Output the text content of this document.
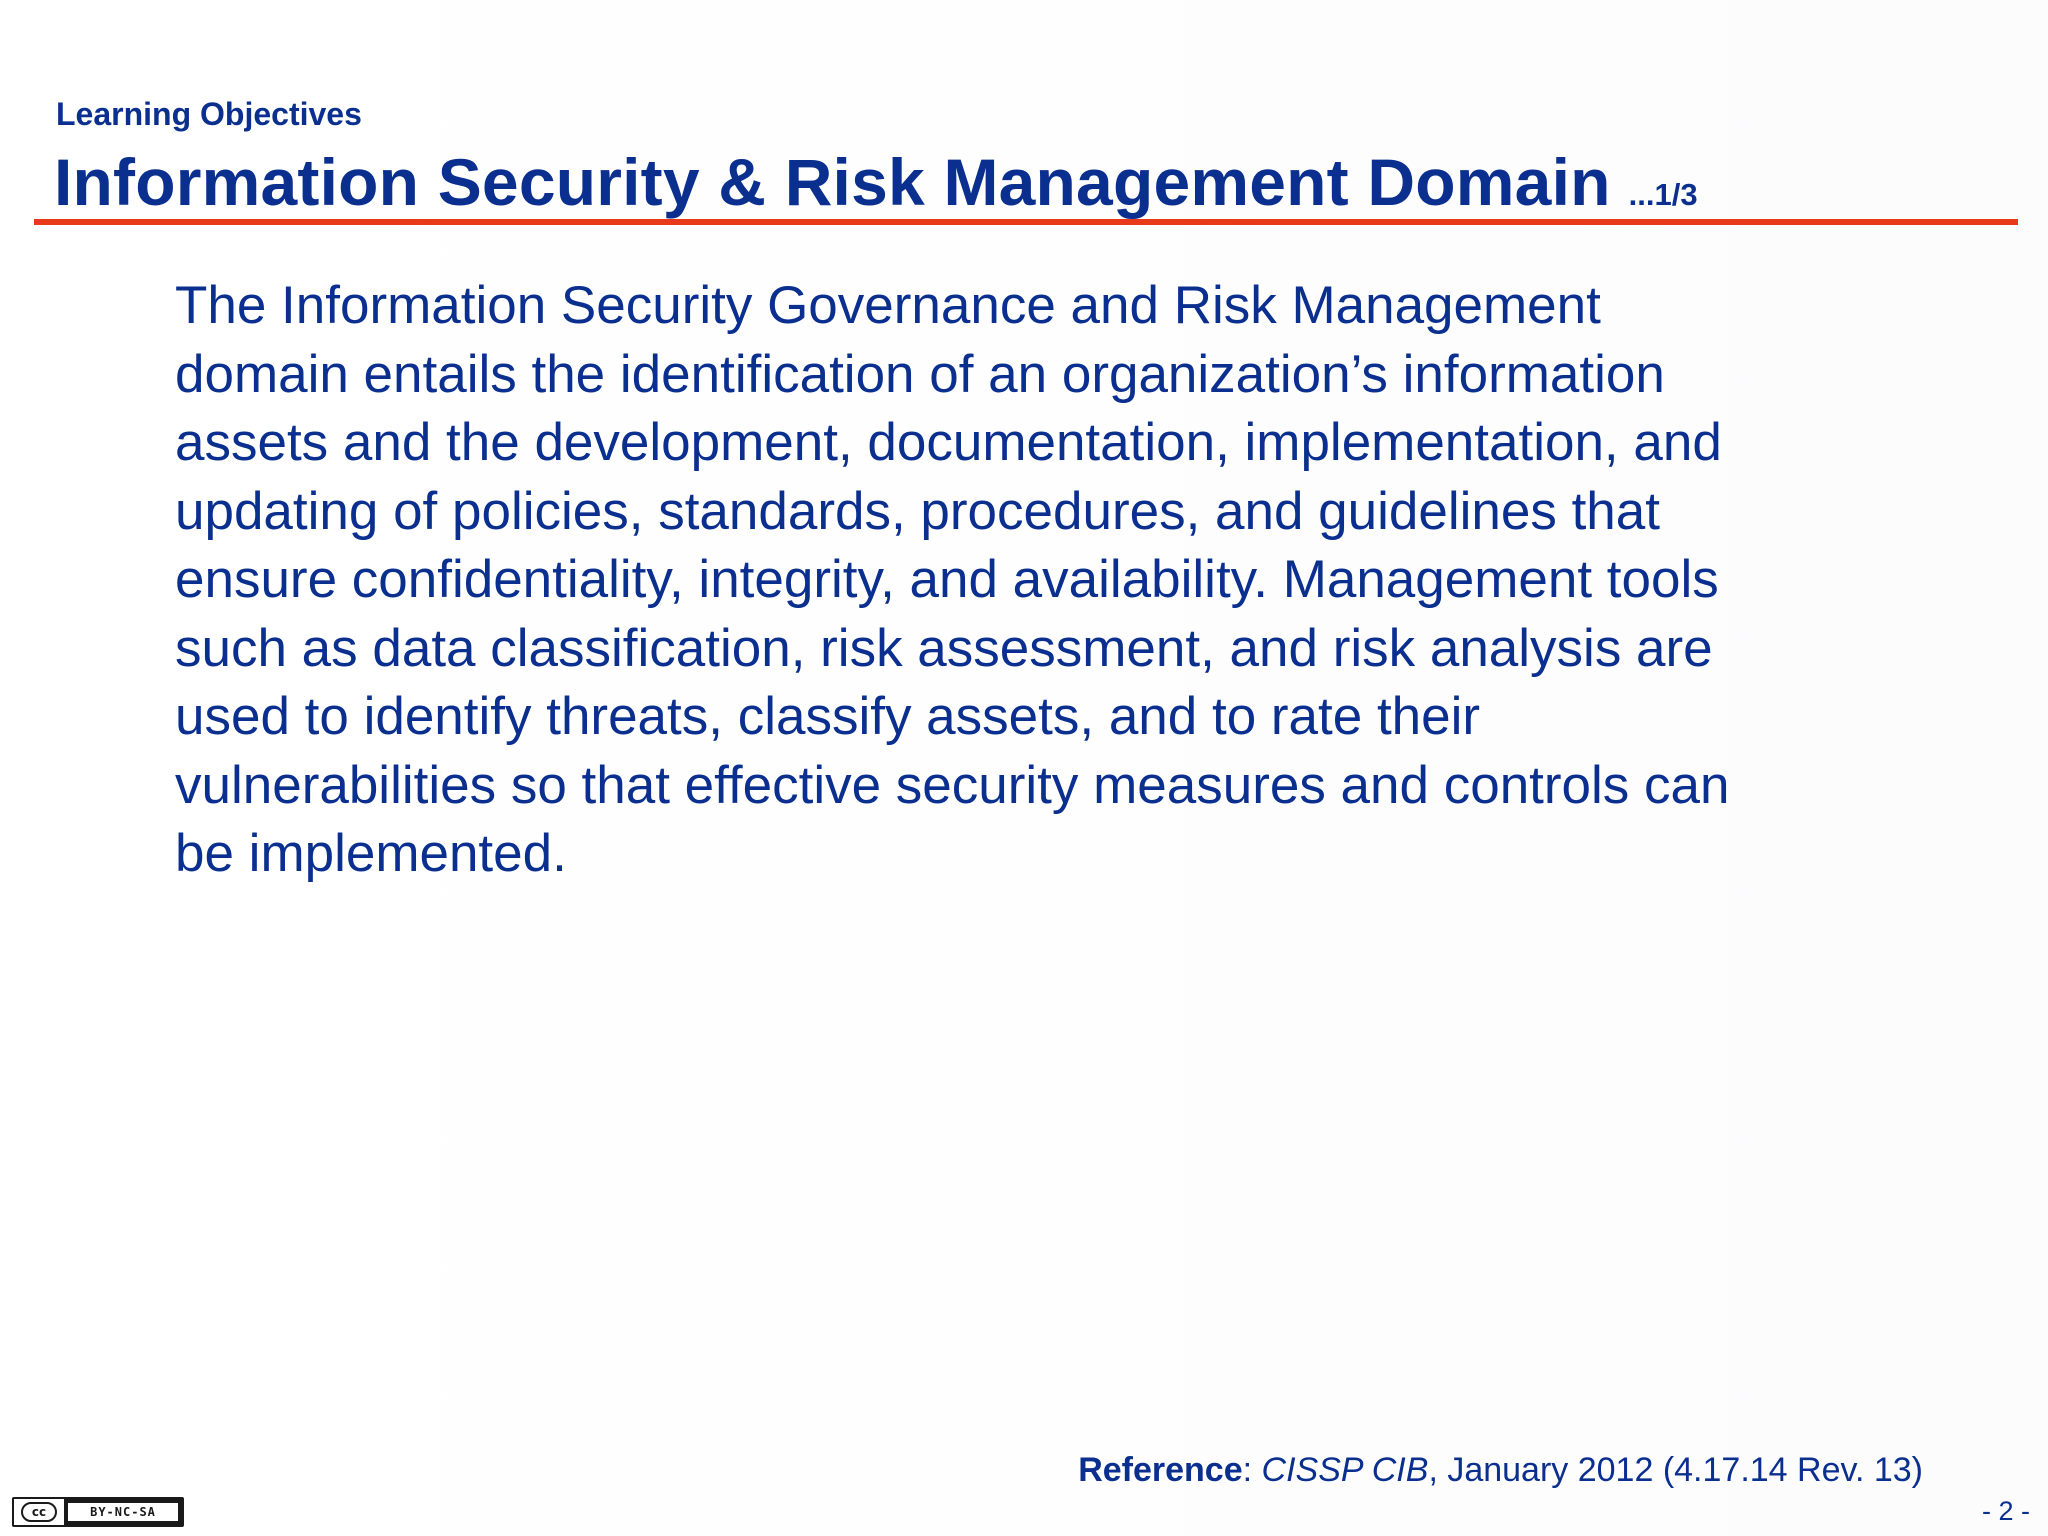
Learning Objectives
Information Security & Risk Management Domain ...1/3
The Information Security Governance and Risk Management
domain entails the identification of an organization’s information
assets and the development, documentation, implementation, and
updating of policies, standards, procedures, and guidelines that
ensure confidentiality, integrity, and availability. Management tools
such as data classification, risk assessment, and risk analysis are
used to identify threats, classify assets, and to rate their
vulnerabilities so that effective security measures and controls can
be implemented.
Reference: CISSP CIB, January 2012 (4.17.14 Rev. 13)
- 2 -
cc	BY-NC-SA
